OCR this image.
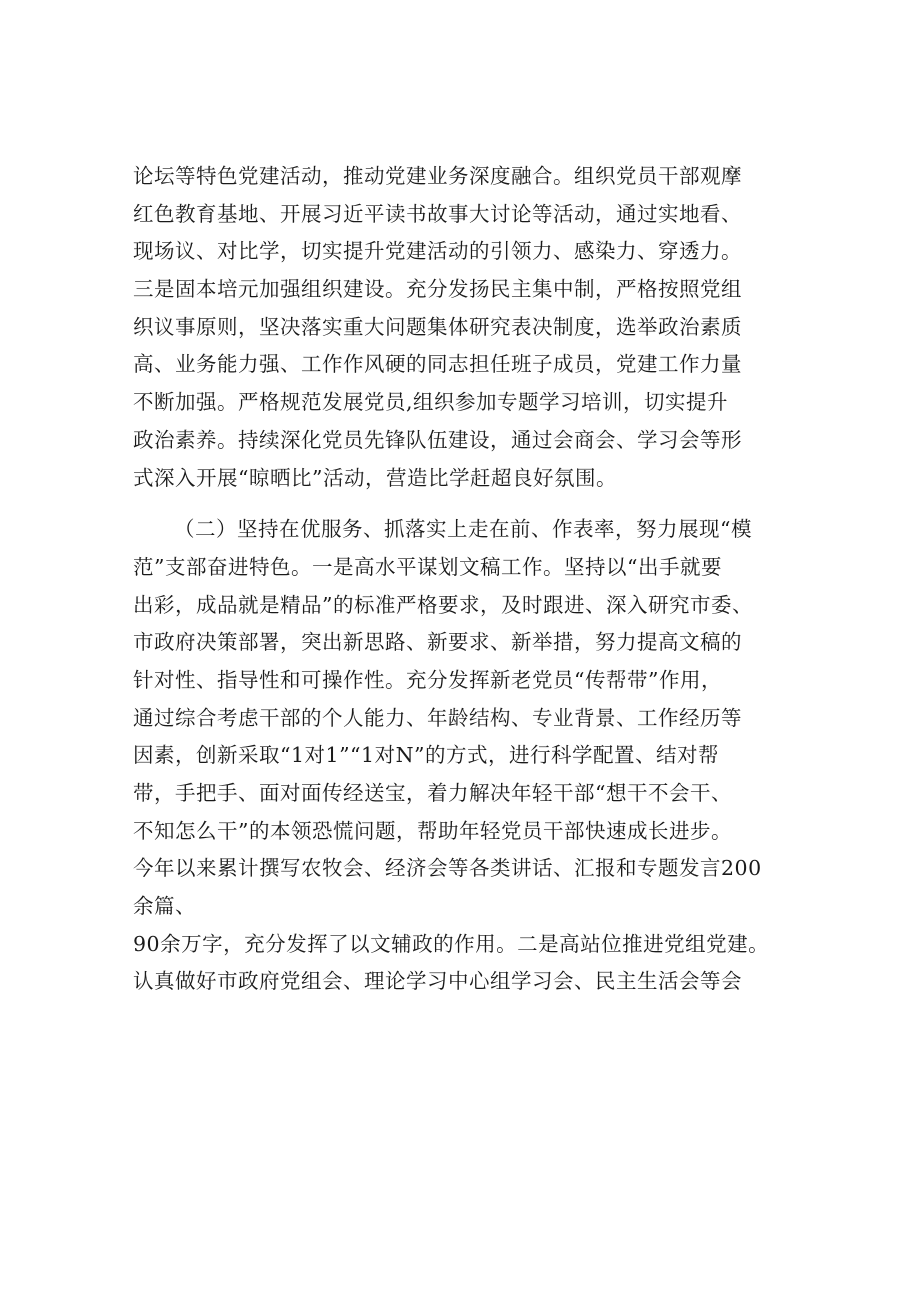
论坛等特色党建活动，推动党建业务深度融合。组织党员干部观摩
红色教育基地、开展习近平读书故事大讨论等活动，通过实地看、
现场议、对比学，切实提升党建活动的引领力、感染力、穿透力。
三是固本培元加强组织建设。充分发扬民主集中制，严格按照党组
织议事原则，坚决落实重大问题集体研究表决制度，选举政治素质
高、业务能力强、工作作风硬的同志担任班子成员，党建工作力量
不断加强。严格规范发展党员,组织参加专题学习培训，切实提升
政治素养。持续深化党员先锋队伍建设，通过会商会、学习会等形
式深入开展“晾晒比”活动，营造比学赶超良好氛围。
（二）坚持在优服务、抓落实上走在前、作表率，努力展现“模
范”支部奋进特色。一是高水平谋划文稿工作。坚持以“出手就要
出彩，成品就是精品”的标准严格要求，及时跟进、深入研究市委、
市政府决策部署，突出新思路、新要求、新举措，努力提高文稿的
针对性、指导性和可操作性。充分发挥新老党员“传帮带”作用，
通过综合考虑干部的个人能力、年龄结构、专业背景、工作经历等
因素，创新采取“1对1”“1对N”的方式，进行科学配置、结对帮
带，手把手、面对面传经送宝，着力解决年轻干部“想干不会干、
不知怎么干”的本领恐慌问题，帮助年轻党员干部快速成长进步。
今年以来累计撰写农牧会、经济会等各类讲话、汇报和专题发言200
余篇、
90余万字，充分发挥了以文辅政的作用。二是高站位推进党组党建。
认真做好市政府党组会、理论学习中心组学习会、民主生活会等会
